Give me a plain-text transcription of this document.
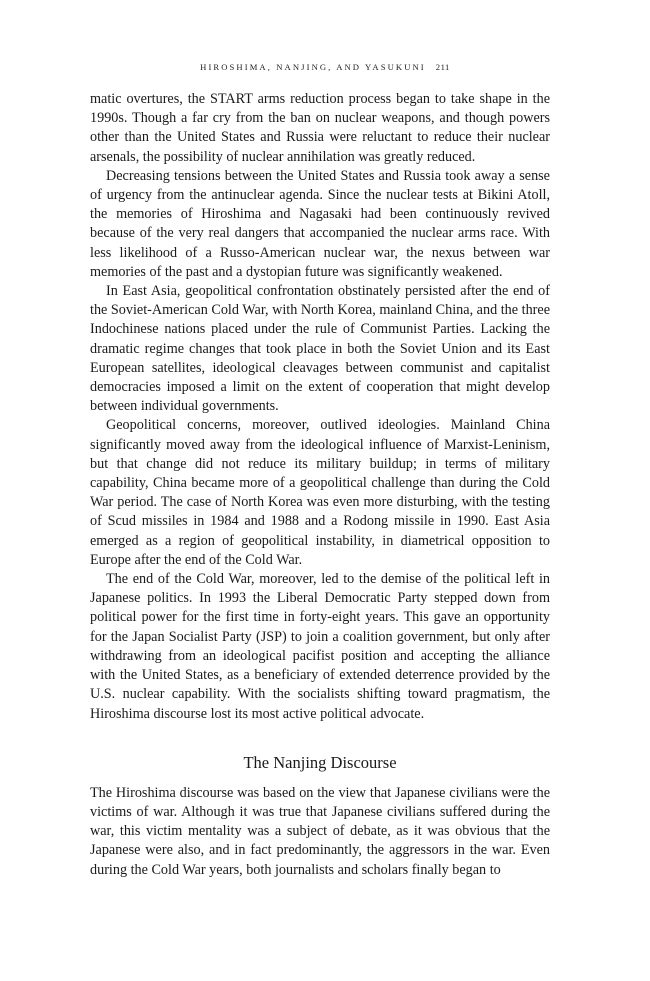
HIROSHIMA, NANJING, AND YASUKUNI 211

matic overtures, the START arms reduction process began to take shape in the 1990s. Though a far cry from the ban on nuclear weapons, and though powers other than the United States and Russia were reluctant to reduce their nuclear arsenals, the possibility of nuclear annihilation was greatly reduced.

Decreasing tensions between the United States and Russia took away a sense of urgency from the antinuclear agenda. Since the nuclear tests at Bikini Atoll, the memories of Hiroshima and Nagasaki had been continuously revived because of the very real dangers that accompanied the nuclear arms race. With less likelihood of a Russo-American nuclear war, the nexus between war memories of the past and a dystopian future was significantly weakened.

In East Asia, geopolitical confrontation obstinately persisted after the end of the Soviet-American Cold War, with North Korea, mainland China, and the three Indochinese nations placed under the rule of Communist Parties. Lacking the dramatic regime changes that took place in both the Soviet Union and its East European satellites, ideological cleavages between communist and capitalist democracies imposed a limit on the extent of cooperation that might develop between individual governments.

Geopolitical concerns, moreover, outlived ideologies. Mainland China significantly moved away from the ideological influence of Marxist-Leninism, but that change did not reduce its military buildup; in terms of military capability, China became more of a geopolitical challenge than during the Cold War period. The case of North Korea was even more disturbing, with the testing of Scud missiles in 1984 and 1988 and a Rodong missile in 1990. East Asia emerged as a region of geopolitical instability, in diametrical opposition to Europe after the end of the Cold War.

The end of the Cold War, moreover, led to the demise of the political left in Japanese politics. In 1993 the Liberal Democratic Party stepped down from political power for the first time in forty-eight years. This gave an opportunity for the Japan Socialist Party (JSP) to join a coalition government, but only after withdrawing from an ideological pacifist position and accepting the alliance with the United States, as a beneficiary of extended deterrence provided by the U.S. nuclear capability. With the socialists shifting toward pragmatism, the Hiroshima discourse lost its most active political advocate.

The Nanjing Discourse

The Hiroshima discourse was based on the view that Japanese civilians were the victims of war. Although it was true that Japanese civilians suffered during the war, this victim mentality was a subject of debate, as it was obvious that the Japanese were also, and in fact predominantly, the aggressors in the war. Even during the Cold War years, both journalists and scholars finally began to
